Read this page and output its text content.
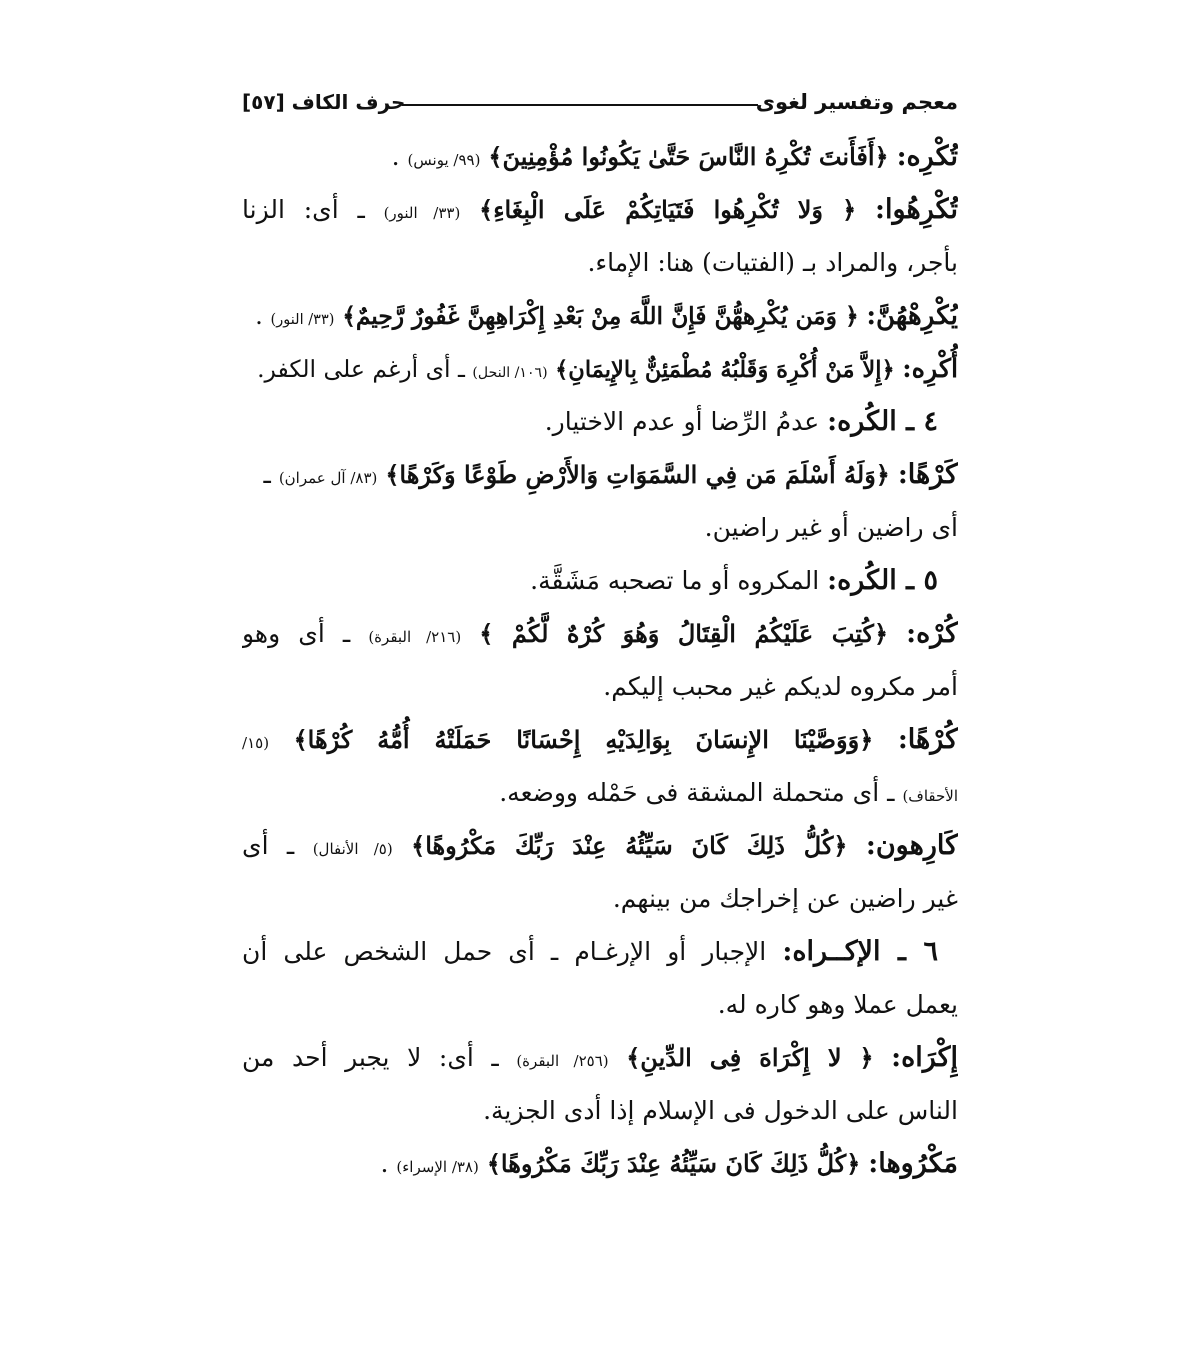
معجم وتفسير لغوى
حرف الكاف [٥٧]
تُكْرِه: ﴿أَفَأَنتَ تُكْرِهُ النَّاسَ حَتَّىٰ يَكُونُوا مُؤْمِنِينَ﴾ (٩٩/ يونس) .
تُكْرِهُوا: ﴿ وَلا تُكْرِهُوا فَتَيَاتِكُمْ عَلَى الْبِغَاءِ﴾ (٣٣/ النور) ـ أى: الزنا
بأجر، والمراد بـ (الفتيات) هنا: الإماء.
يُكْرِهْهُنَّ: ﴿ وَمَن يُكْرِههُّنَّ فَإِنَّ اللَّهَ مِنْ بَعْدِ إِكْرَاهِهِنَّ غَفُورٌ رَّحِيمٌ﴾ (٣٣/ النور) .
أُكْرِه: ﴿إِلاَّ مَنْ أُكْرِهَ وَقَلْبُهُ مُطْمَئِنٌّ بِالإِيمَانِ﴾ (١٠٦/ النحل) ـ أى أرغم على الكفر.
٤ ـ الكُره: عدمُ الرِّضا أو عدم الاختيار.
كَرْهًا: ﴿وَلَهُ أَسْلَمَ مَن فِي السَّمَوَاتِ وَالأَرْضِ طَوْعًا وَكَرْهًا﴾ (٨٣/ آل عمران) ـ
أى راضين أو غير راضين.
٥ ـ الكُره: المكروه أو ما تصحبه مَشَقَّة.
كُرْه: ﴿كُتِبَ عَلَيْكُمُ الْقِتَالُ وَهُوَ كُرْهٌ لَّكُمْ ﴾ (٢١٦/ البقرة) ـ أى وهو
أمر مكروه لديكم غير محبب إليكم.
كُرْهًا: ﴿وَوَصَّيْنَا الإِنسَانَ بِوَالِدَيْهِ إِحْسَانًا حَمَلَتْهُ أُمُّهُ كُرْهًا﴾ (١٥/
الأحقاف) ـ أى متحملة المشقة فى حَمْله ووضعه.
كَارِهون: ﴿كُلُّ ذَلِكَ كَانَ سَيِّئُهُ عِنْدَ رَبِّكَ مَكْرُوهًا﴾ (٥/ الأنفال) ـ أى
غير راضين عن إخراجك من بينهم.
٦ ـ الإكــراه: الإجبار أو الإرغـام ـ أى حمل الشخص على أن
يعمل عملا وهو كاره له.
إِكْرَاه: ﴿ لا إِكْرَاهَ فِى الدِّينِ﴾ (٢٥٦/ البقرة) ـ أى: لا يجبر أحد من
الناس على الدخول فى الإسلام إذا أدى الجزية.
مَكْرُوها: ﴿كُلُّ ذَلِكَ كَانَ سَيِّئُهُ عِنْدَ رَبِّكَ مَكْرُوهًا﴾ (٣٨/ الإسراء) .
